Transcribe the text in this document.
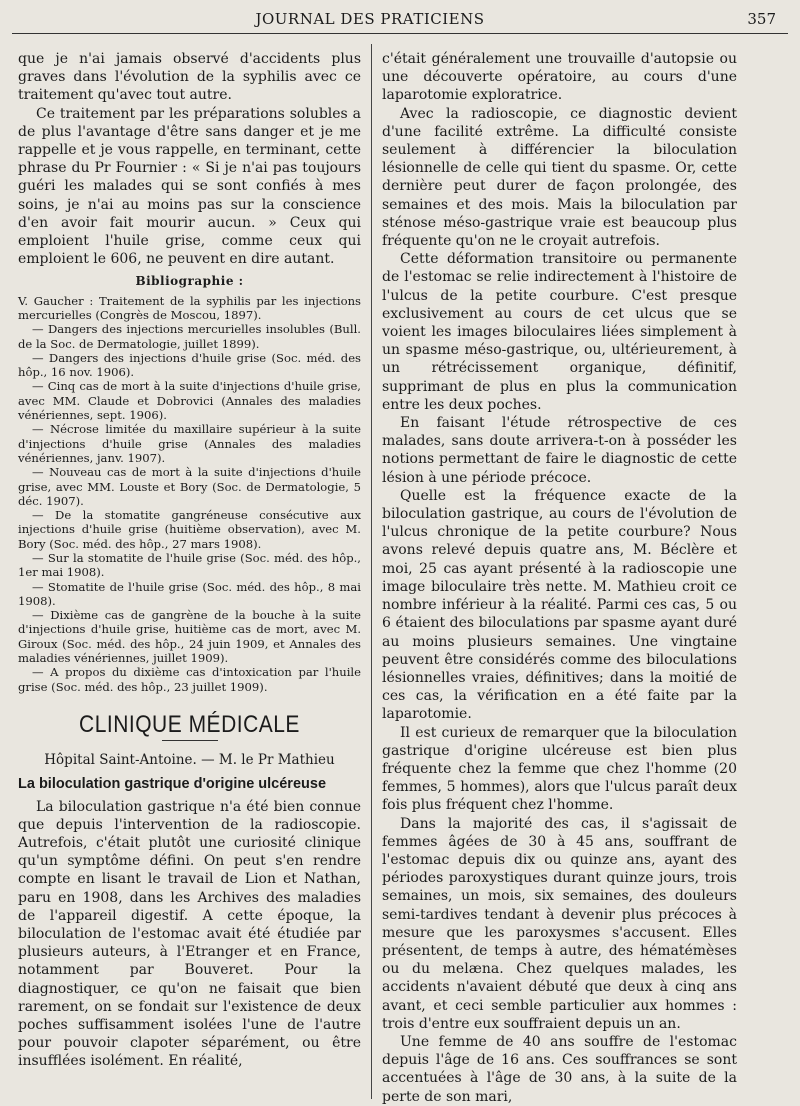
JOURNAL DES PRATICIENS	357

que je n'ai jamais observé d'accidents plus graves dans l'évolution de la syphilis avec ce traitement qu'avec tout autre.

Ce traitement par les préparations solubles a de plus l'avantage d'être sans danger et je me rappelle et je vous rappelle, en terminant, cette phrase du Pr Fournier : « Si je n'ai pas toujours guéri les malades qui se sont confiés à mes soins, je n'ai au moins pas sur la conscience d'en avoir fait mourir aucun. » Ceux qui emploient l'huile grise, comme ceux qui emploient le 606, ne peuvent en dire autant.

Bibliographie :

V. Gaucher : Traitement de la syphilis par les injections mercurielles (Congrès de Moscou, 1897).

— Dangers des injections mercurielles insolubles (Bull. de la Soc. de Dermatologie, juillet 1899).

— Dangers des injections d'huile grise (Soc. méd. des hôp., 16 nov. 1906).

— Cinq cas de mort à la suite d'injections d'huile grise, avec MM. Claude et Dobrovici (Annales des maladies vénériennes, sept. 1906).

— Nécrose limitée du maxillaire supérieur à la suite d'injections d'huile grise (Annales des maladies vénériennes, janv. 1907).

— Nouveau cas de mort à la suite d'injections d'huile grise, avec MM. Louste et Bory (Soc. de Dermatologie, 5 déc. 1907).

— De la stomatite gangréneuse consécutive aux injections d'huile grise (huitième observation), avec M. Bory (Soc. méd. des hôp., 27 mars 1908).

— Sur la stomatite de l'huile grise (Soc. méd. des hôp., 1er mai 1908).

— Stomatite de l'huile grise (Soc. méd. des hôp., 8 mai 1908).

— Dixième cas de gangrène de la bouche à la suite d'injections d'huile grise, huitième cas de mort, avec M. Giroux (Soc. méd. des hôp., 24 juin 1909, et Annales des maladies vénériennes, juillet 1909).

— A propos du dixième cas d'intoxication par l'huile grise (Soc. méd. des hôp., 23 juillet 1909).

CLINIQUE MÉDICALE
Hôpital Saint-Antoine. — M. le Pr Mathieu
La biloculation gastrique d'origine ulcéreuse

La biloculation gastrique n'a été bien connue que depuis l'intervention de la radioscopie. Autrefois, c'était plutôt une curiosité clinique qu'un symptôme défini. On peut s'en rendre compte en lisant le travail de Lion et Nathan, paru en 1908, dans les Archives des maladies de l'appareil digestif. A cette époque, la biloculation de l'estomac avait été étudiée par plusieurs auteurs, à l'Etranger et en France, notamment par Bouveret. Pour la diagnostiquer, ce qu'on ne faisait que bien rarement, on se fondait sur l'existence de deux poches suffisamment isolées l'une de l'autre pour pouvoir clapoter séparément, ou être insufflées isolément. En réalité,

c'était généralement une trouvaille d'autopsie ou une découverte opératoire, au cours d'une laparotomie exploratrice.

Avec la radioscopie, ce diagnostic devient d'une facilité extrême. La difficulté consiste seulement à différencier la biloculation lésionnelle de celle qui tient du spasme. Or, cette dernière peut durer de façon prolongée, des semaines et des mois. Mais la biloculation par sténose méso-gastrique vraie est beaucoup plus fréquente qu'on ne le croyait autrefois.

Cette déformation transitoire ou permanente de l'estomac se relie indirectement à l'histoire de l'ulcus de la petite courbure. C'est presque exclusivement au cours de cet ulcus que se voient les images biloculaires liées simplement à un spasme méso-gastrique, ou, ultérieurement, à un rétrécissement organique, définitif, supprimant de plus en plus la communication entre les deux poches.

En faisant l'étude rétrospective de ces malades, sans doute arrivera-t-on à posséder les notions permettant de faire le diagnostic de cette lésion à une période précoce.

Quelle est la fréquence exacte de la biloculation gastrique, au cours de l'évolution de l'ulcus chronique de la petite courbure? Nous avons relevé depuis quatre ans, M. Béclère et moi, 25 cas ayant présenté à la radioscopie une image biloculaire très nette. M. Mathieu croit ce nombre inférieur à la réalité. Parmi ces cas, 5 ou 6 étaient des biloculations par spasme ayant duré au moins plusieurs semaines. Une vingtaine peuvent être considérés comme des biloculations lésionnelles vraies, définitives; dans la moitié de ces cas, la vérification en a été faite par la laparotomie.

Il est curieux de remarquer que la biloculation gastrique d'origine ulcéreuse est bien plus fréquente chez la femme que chez l'homme (20 femmes, 5 hommes), alors que l'ulcus paraît deux fois plus fréquent chez l'homme.

Dans la majorité des cas, il s'agissait de femmes âgées de 30 à 45 ans, souffrant de l'estomac depuis dix ou quinze ans, ayant des périodes paroxystiques durant quinze jours, trois semaines, un mois, six semaines, des douleurs semi-tardives tendant à devenir plus précoces à mesure que les paroxysmes s'accusent. Elles présentent, de temps à autre, des hématémèses ou du melæna. Chez quelques malades, les accidents n'avaient débuté que deux à cinq ans avant, et ceci semble particulier aux hommes : trois d'entre eux souffraient depuis un an.

Une femme de 40 ans souffre de l'estomac depuis l'âge de 16 ans. Ces souffrances se sont accentuées à l'âge de 30 ans, à la suite de la perte de son mari,
